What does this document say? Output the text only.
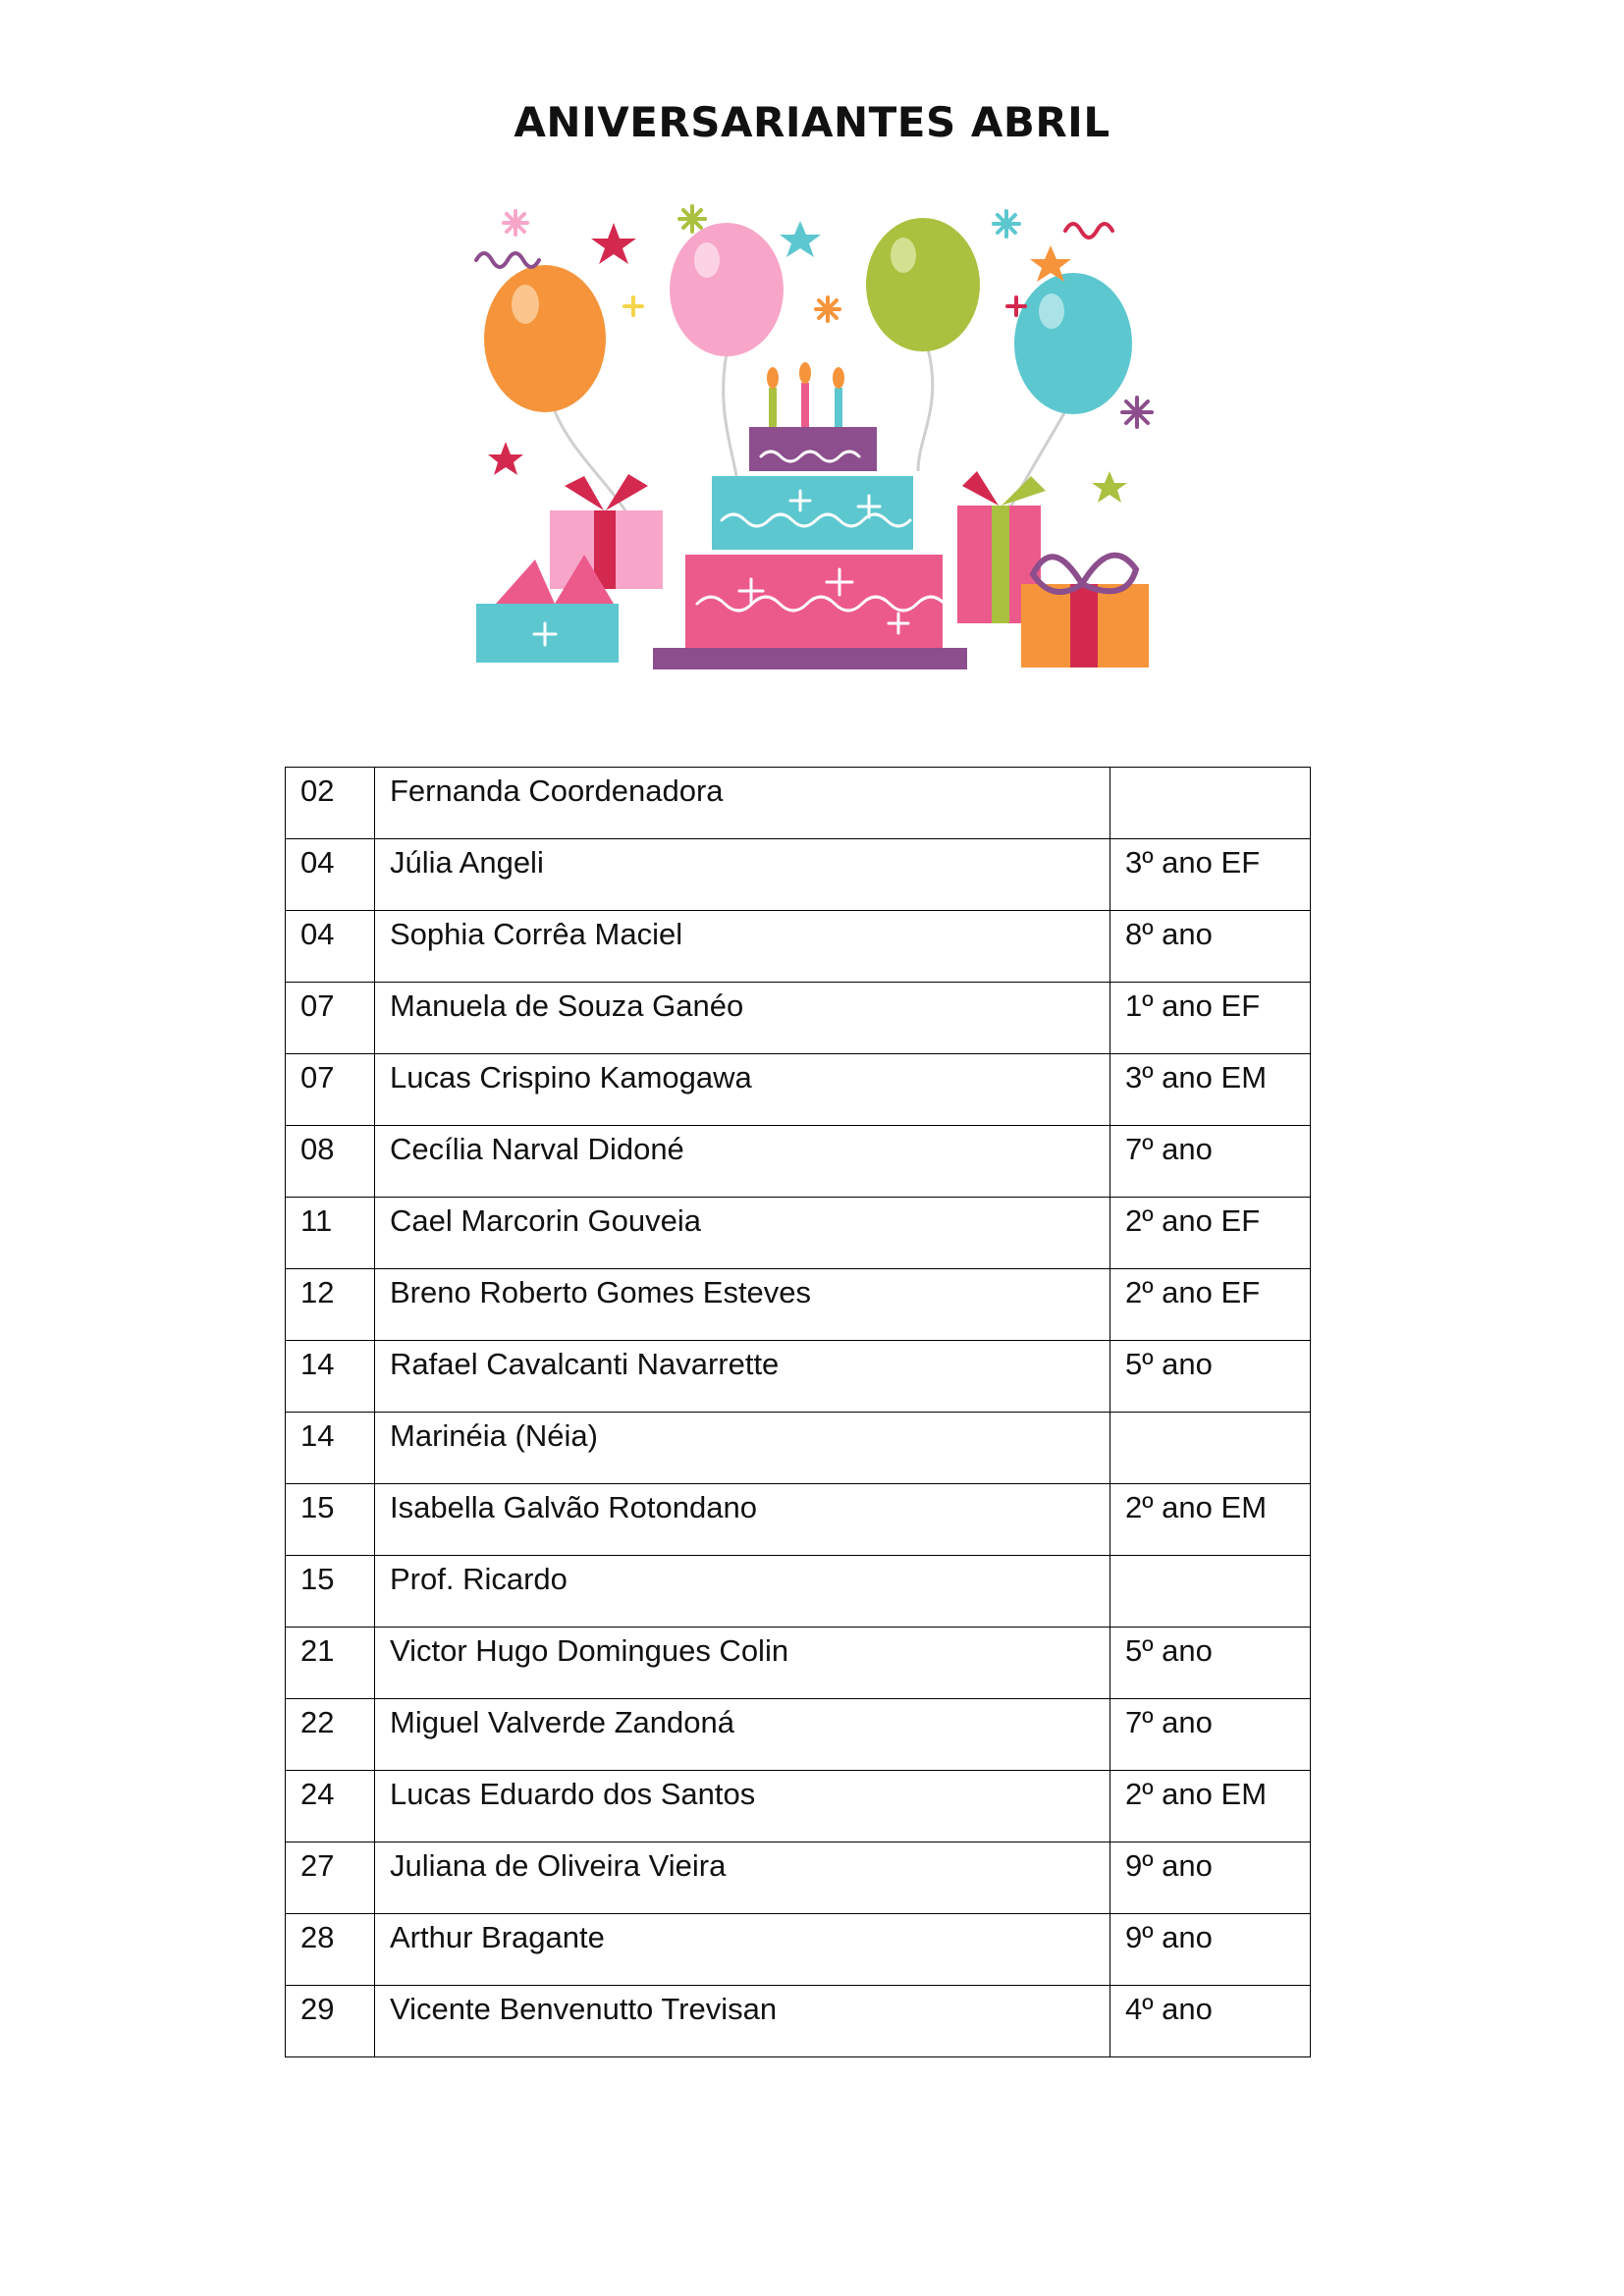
ANIVERSARIANTES ABRIL
02	Fernanda Coordenadora	
04	Júlia Angeli	3º ano EF
04	Sophia Corrêa Maciel	8º ano
07	Manuela de Souza Ganéo	1º ano EF
07	Lucas Crispino Kamogawa	3º ano EM
08	Cecília Narval Didoné	7º ano
11	Cael Marcorin Gouveia	2º ano EF
12	Breno Roberto Gomes Esteves	2º ano EF
14	Rafael Cavalcanti Navarrette	5º ano
14	Marinéia (Néia)	
15	Isabella Galvão Rotondano	2º ano EM
15	Prof. Ricardo	
21	Victor Hugo Domingues Colin	5º ano
22	Miguel Valverde Zandoná	7º ano
24	Lucas Eduardo dos Santos	2º ano EM
27	Juliana de Oliveira Vieira	9º ano
28	Arthur Bragante	9º ano
29	Vicente Benvenutto Trevisan	4º ano
